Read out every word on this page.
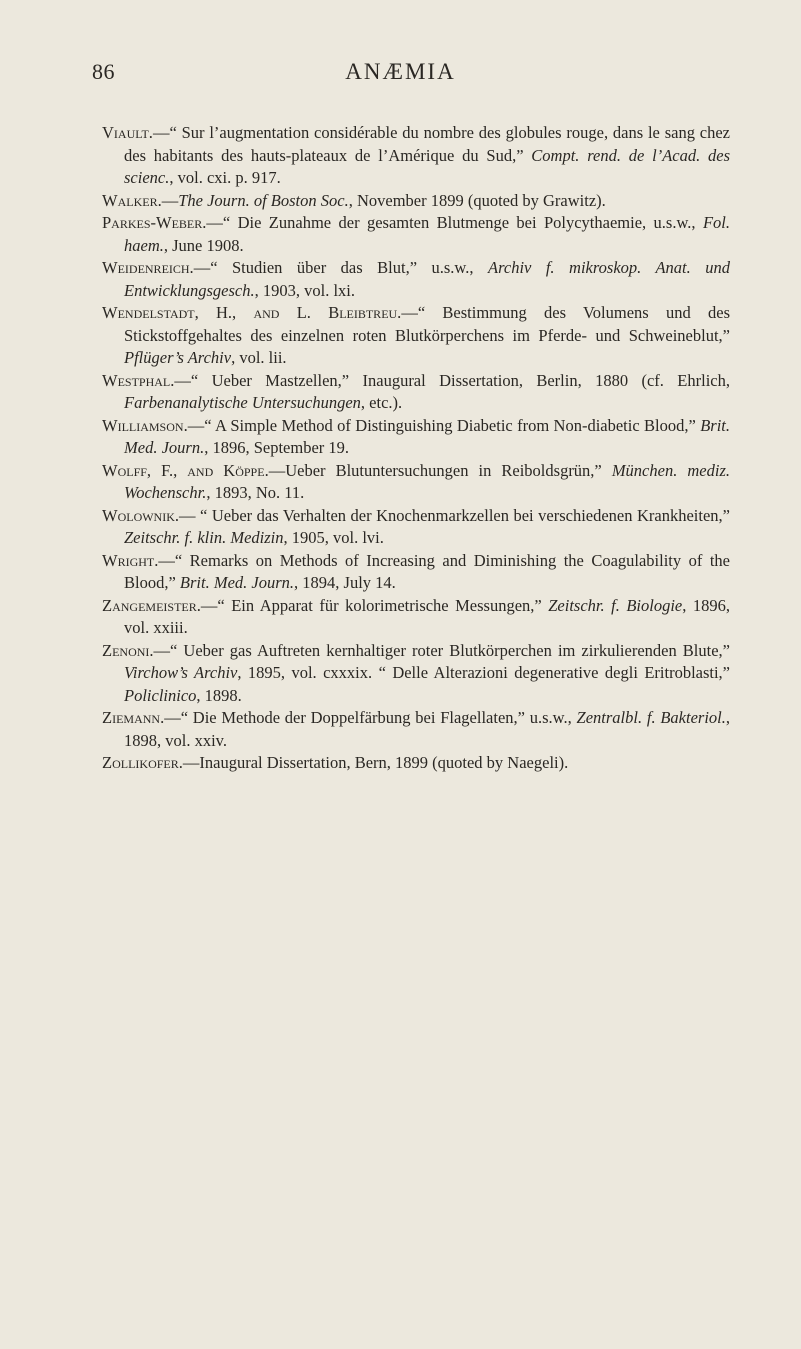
86	ANÆMIA

Viault.—“ Sur l’augmentation considérable du nombre des globules rouge, dans le sang chez des habitants des hauts-plateaux de l’Amérique du Sud,” Compt. rend. de l’Acad. des scienc., vol. cxi. p. 917.

Walker.—The Journ. of Boston Soc., November 1899 (quoted by Grawitz).

Parkes-Weber.—“ Die Zunahme der gesamten Blutmenge bei Polycythaemie, u.s.w., Fol. haem., June 1908.

Weidenreich.—“ Studien über das Blut,” u.s.w., Archiv f. mikroskop. Anat. und Entwicklungsgesch., 1903, vol. lxi.

Wendelstadt, H., and L. Bleibtreu.—“ Bestimmung des Volumens und des Stickstoffgehaltes des einzelnen roten Blutkörperchens im Pferde- und Schweineblut,” Pflüger’s Archiv, vol. lii.

Westphal.—“ Ueber Mastzellen,” Inaugural Dissertation, Berlin, 1880 (cf. Ehrlich, Farbenanalytische Untersuchungen, etc.).

Williamson.—“ A Simple Method of Distinguishing Diabetic from Non-diabetic Blood,” Brit. Med. Journ., 1896, September 19.

Wolff, F., and Köppe.—Ueber Blutuntersuchungen in Reiboldsgrün,” München. mediz. Wochenschr., 1893, No. 11.

Wolownik.— “ Ueber das Verhalten der Knochenmarkzellen bei verschiedenen Krankheiten,” Zeitschr. f. klin. Medizin, 1905, vol. lvi.

Wright.—“ Remarks on Methods of Increasing and Diminishing the Coagulability of the Blood,” Brit. Med. Journ., 1894, July 14.

Zangemeister.—“ Ein Apparat für kolorimetrische Messungen,” Zeitschr. f. Biologie, 1896, vol. xxiii.

Zenoni.—“ Ueber gas Auftreten kernhaltiger roter Blutkörperchen im zirkulierenden Blute,” Virchow’s Archiv, 1895, vol. cxxxix. “ Delle Alterazioni degenerative degli Eritroblasti,” Policlinico, 1898.

Ziemann.—“ Die Methode der Doppelfärbung bei Flagellaten,” u.s.w., Zentralbl. f. Bakteriol., 1898, vol. xxiv.

Zollikofer.—Inaugural Dissertation, Bern, 1899 (quoted by Naegeli).
